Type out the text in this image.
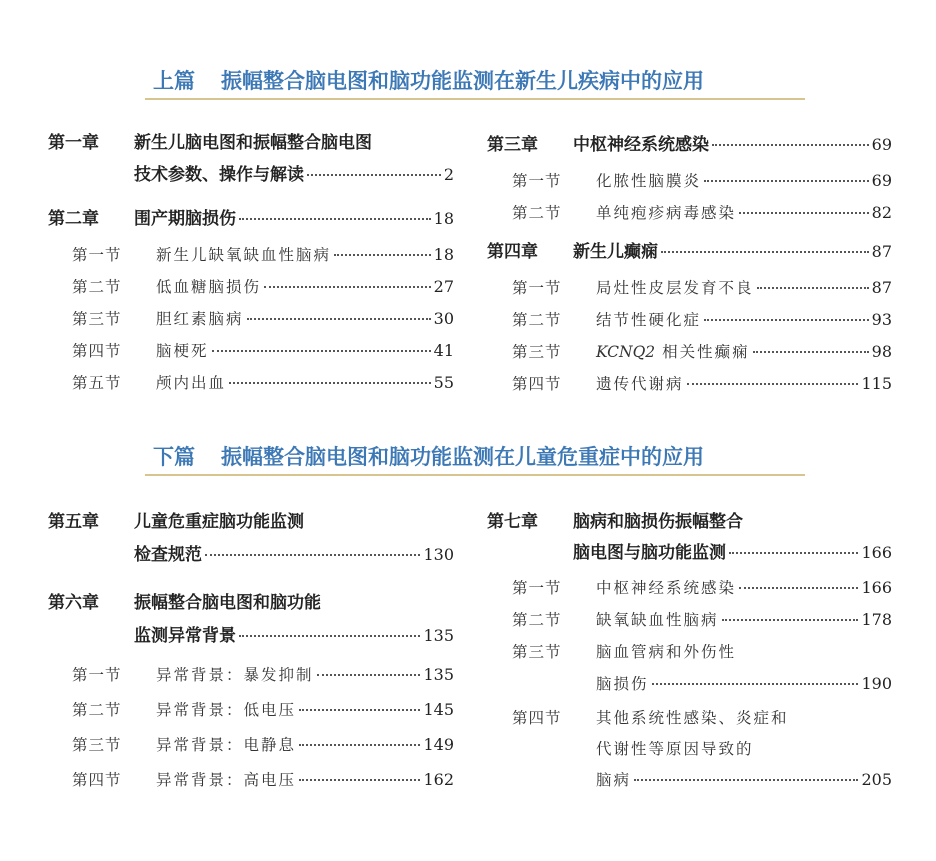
上篇 振幅整合脑电图和脑功能监测在新生儿疾病中的应用
第一章	新生儿脑电图和振幅整合脑电图
技术参数、操作与解读	2
第二章	围产期脑损伤	18
第一节	新生儿缺氧缺血性脑病	18
第二节	低血糖脑损伤	27
第三节	胆红素脑病	30
第四节	脑梗死	41
第五节	颅内出血	55
第三章	中枢神经系统感染	69
第一节	化脓性脑膜炎	69
第二节	单纯疱疹病毒感染	82
第四章	新生儿癫痫	87
第一节	局灶性皮层发育不良	87
第二节	结节性硬化症	93
第三节	KCNQ2 相关性癫痫	98
第四节	遗传代谢病	115
下篇 振幅整合脑电图和脑功能监测在儿童危重症中的应用
第五章	儿童危重症脑功能监测
检查规范	130
第六章	振幅整合脑电图和脑功能
监测异常背景	135
第一节	异常背景：暴发抑制	135
第二节	异常背景：低电压	145
第三节	异常背景：电静息	149
第四节	异常背景：高电压	162
第七章	脑病和脑损伤振幅整合
脑电图与脑功能监测	166
第一节	中枢神经系统感染	166
第二节	缺氧缺血性脑病	178
第三节	脑血管病和外伤性
脑损伤	190
第四节	其他系统性感染、炎症和
代谢性等原因导致的
脑病	205
